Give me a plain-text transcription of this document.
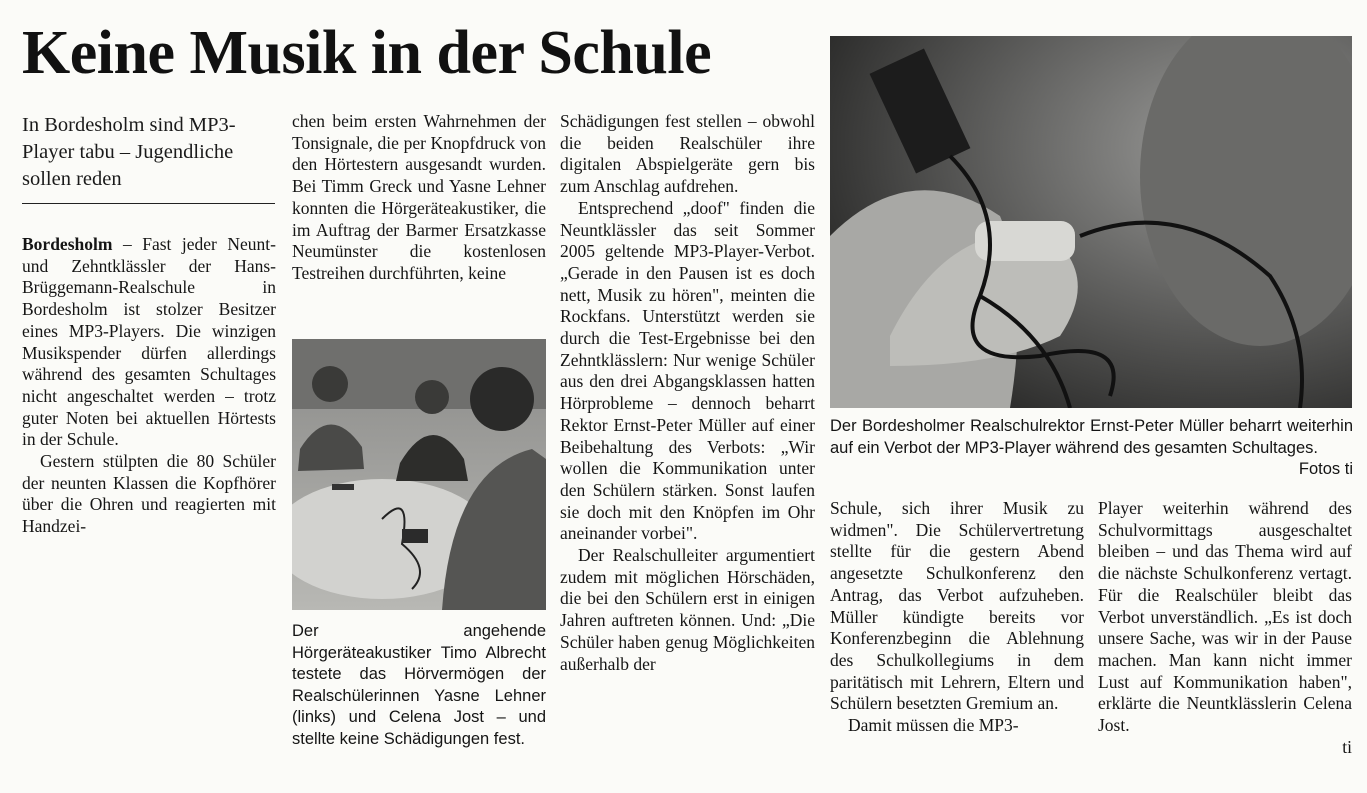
Keine Musik in der Schule
In Bordesholm sind MP3-Player tabu – Jugendliche sollen reden

Bordesholm – Fast jeder Neunt- und Zehntklässler der Hans-Brüggemann-Realschule in Bordesholm ist stolzer Besitzer eines MP3-Players. Die winzigen Musikspender dürfen allerdings während des gesamten Schultages nicht angeschaltet werden – trotz guter Noten bei aktuellen Hörtests in der Schule.

Gestern stülpten die 80 Schüler der neunten Klassen die Kopfhörer über die Ohren und reagierten mit Handzei-

chen beim ersten Wahrnehmen der Tonsignale, die per Knopfdruck von den Hörtestern ausgesandt wurden. Bei Timm Greck und Yasne Lehner konnten die Hörgeräteakustiker, die im Auftrag der Barmer Ersatzkasse Neumünster die kostenlosen Testreihen durchführten, keine

Der angehende Hörgeräteakustiker Timo Albrecht testete das Hörvermögen der Realschülerinnen Yasne Lehner (links) und Celena Jost – und stellte keine Schädigungen fest.

Schädigungen fest stellen – obwohl die beiden Realschüler ihre digitalen Abspielgeräte gern bis zum Anschlag aufdrehen.

Entsprechend „doof" finden die Neuntklässler das seit Sommer 2005 geltende MP3-Player-Verbot. „Gerade in den Pausen ist es doch nett, Musik zu hören", meinten die Rockfans. Unterstützt werden sie durch die Test-Ergebnisse bei den Zehntklässlern: Nur wenige Schüler aus den drei Abgangsklassen hatten Hörprobleme – dennoch beharrt Rektor Ernst-Peter Müller auf einer Beibehaltung des Verbots: „Wir wollen die Kommunikation unter den Schülern stärken. Sonst laufen sie doch mit den Knöpfen im Ohr aneinander vorbei".

Der Realschulleiter argumentiert zudem mit möglichen Hörschäden, die bei den Schülern erst in einigen Jahren auftreten können. Und: „Die Schüler haben genug Möglichkeiten außerhalb der

Der Bordesholmer Realschulrektor Ernst-Peter Müller beharrt weiterhin auf ein Verbot der MP3-Player während des gesamten Schultages.
Fotos ti

Schule, sich ihrer Musik zu widmen". Die Schülervertretung stellte für die gestern Abend angesetzte Schulkonferenz den Antrag, das Verbot aufzuheben. Müller kündigte bereits vor Konferenzbeginn die Ablehnung des Schulkollegiums in dem paritätisch mit Lehrern, Eltern und Schülern besetzten Gremium an.

Damit müssen die MP3-

Player weiterhin während des Schulvormittags ausgeschaltet bleiben – und das Thema wird auf die nächste Schulkonferenz vertagt. Für die Realschüler bleibt das Verbot unverständlich. „Es ist doch unsere Sache, was wir in der Pause machen. Man kann nicht immer Lust auf Kommunikation haben", erklärte die Neuntklässlerin Celena Jost.

ti
